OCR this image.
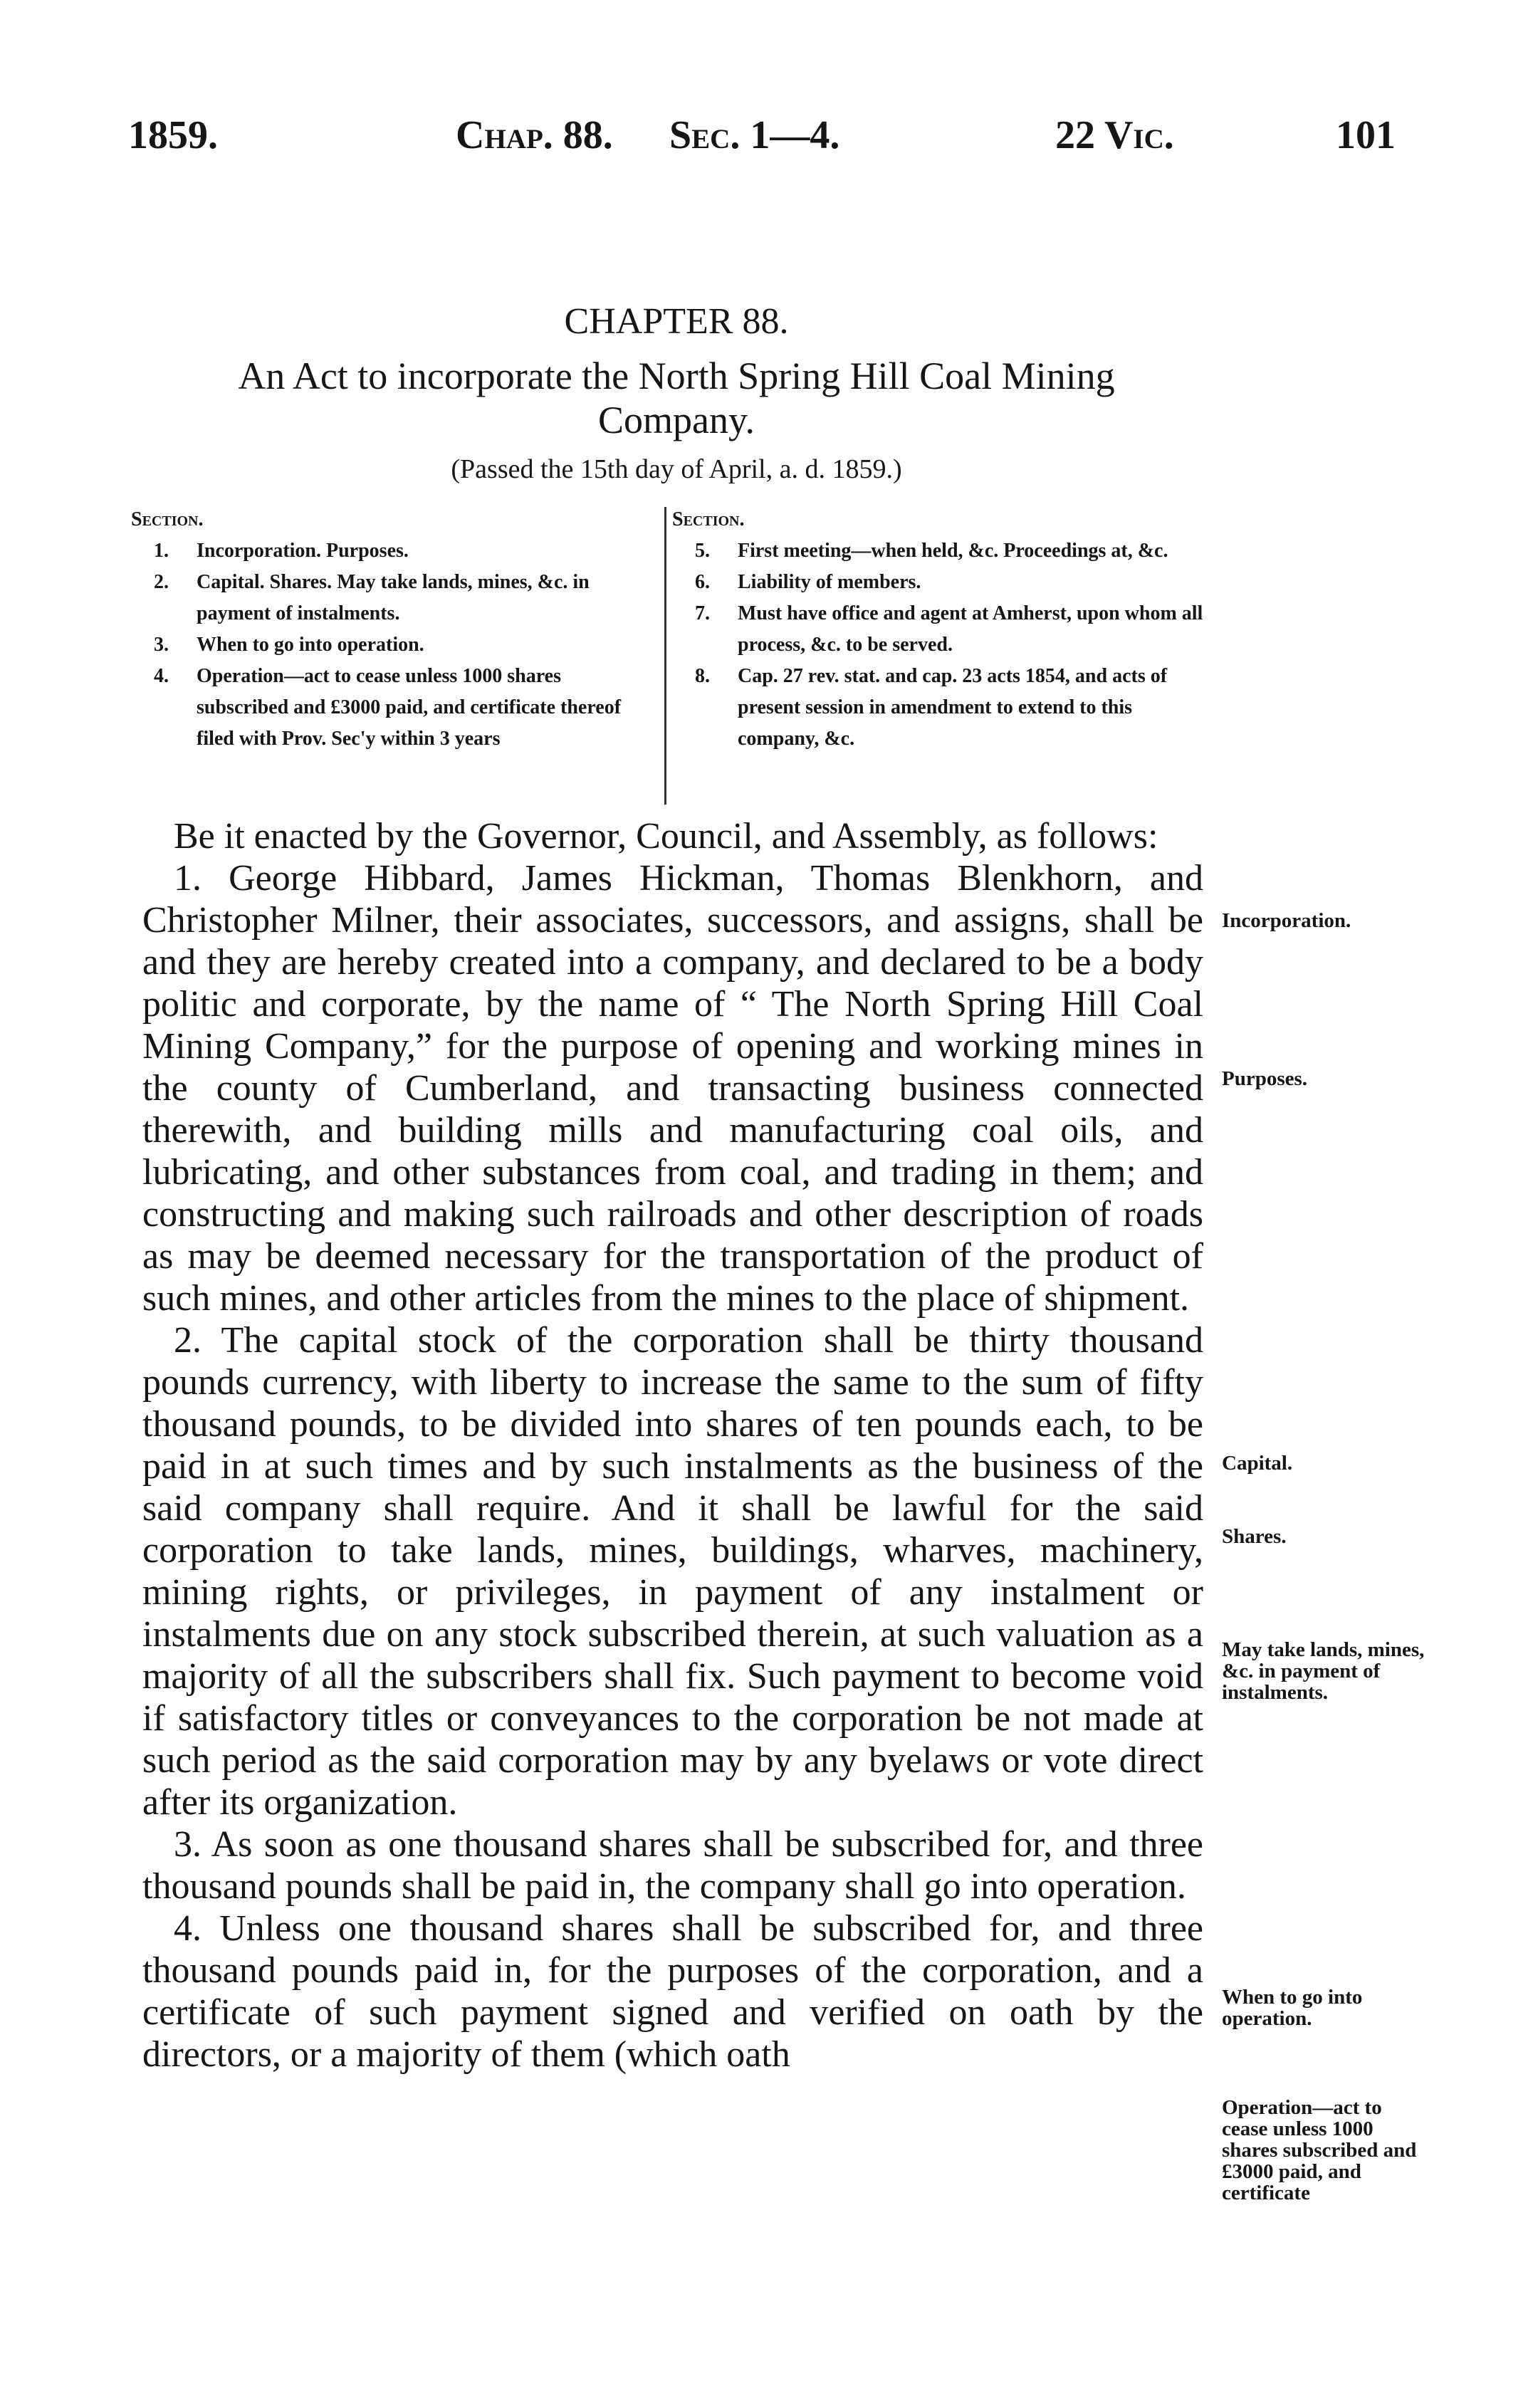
1859.	Chap. 88. Sec. 1—4.	22 Vic.	101
CHAPTER 88.
An Act to incorporate the North Spring Hill Coal Mining Company.
(Passed the 15th day of April, a. d. 1859.)
Section.
1. Incorporation. Purposes.
2. Capital. Shares. May take lands, mines, &c. in payment of instalments.
3. When to go into operation.
4. Operation—act to cease unless 1000 shares subscribed and £3000 paid, and certificate thereof filed with Prov. Sec'y within 3 years
Section.
5. First meeting—when held, &c. Proceedings at, &c.
6. Liability of members.
7. Must have office and agent at Amherst, upon whom all process, &c. to be served.
8. Cap. 27 rev. stat. and cap. 23 acts 1854, and acts of present session in amendment to extend to this company, &c.

Be it enacted by the Governor, Council, and Assembly, as follows:

1. George Hibbard, James Hickman, Thomas Blenkhorn, and Christopher Milner, their associates, successors, and assigns, shall be and they are hereby created into a company, and declared to be a body politic and corporate, by the name of “ The North Spring Hill Coal Mining Company,” for the purpose of opening and working mines in the county of Cumberland, and transacting business connected therewith, and building mills and manufacturing coal oils, and lubricating, and other substances from coal, and trading in them; and constructing and making such railroads and other description of roads as may be deemed necessary for the transportation of the product of such mines, and other articles from the mines to the place of shipment.

2. The capital stock of the corporation shall be thirty thousand pounds currency, with liberty to increase the same to the sum of fifty thousand pounds, to be divided into shares of ten pounds each, to be paid in at such times and by such instalments as the business of the said company shall require. And it shall be lawful for the said corporation to take lands, mines, buildings, wharves, machinery, mining rights, or privileges, in payment of any instalment or instalments due on any stock subscribed therein, at such valuation as a majority of all the subscribers shall fix. Such payment to become void if satisfactory titles or conveyances to the corporation be not made at such period as the said corporation may by any byelaws or vote direct after its organization.

3. As soon as one thousand shares shall be subscribed for, and three thousand pounds shall be paid in, the company shall go into operation.

4. Unless one thousand shares shall be subscribed for, and three thousand pounds paid in, for the purposes of the corporation, and a certificate of such payment signed and verified on oath by the directors, or a majority of them (which oath

Incorporation.
Purposes.
Capital.
Shares.
May take lands, mines, &c. in payment of instalments.
When to go into operation.
Operation—act to cease unless 1000 shares subscribed and £3000 paid, and certificate
